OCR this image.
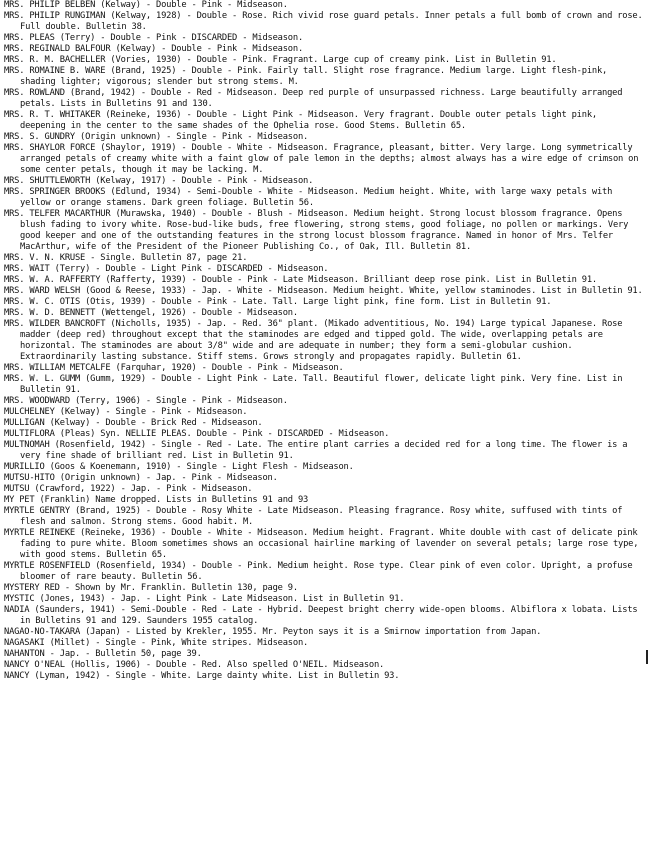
MRS. PHILIP BELBEN (Kelway) - Double - Pink - Midseason.
MRS. PHILIP RUNGIMAN (Kelway, 1928) - Double - Rose. Rich vivid rose guard petals. Inner petals a full bomb of crown and rose. Full double. Bulletin 38.
MRS. PLEAS (Terry) - Double - Pink - DISCARDED - Midseason.
MRS. REGINALD BALFOUR (Kelway) - Double - Pink - Midseason.
MRS. R. M. BACHELLER (Vories, 1930) - Double - Pink. Fragrant. Large cup of creamy pink. List in Bulletin 91.
MRS. ROMAINE B. WARE (Brand, 1925) - Double - Pink. Fairly tall. Slight rose fragrance. Medium large. Light flesh-pink, shading lighter; vigorous; slender but strong stems. M.
MRS. ROWLAND (Brand, 1942) - Double - Red - Midseason. Deep red purple of unsurpassed richness. Large beautifully arranged petals. Lists in Bulletins 91 and 130.
MRS. R. T. WHITAKER (Reineke, 1936) - Double - Light Pink - Midseason. Very fragrant. Double outer petals light pink, deepening in the center to the same shades of the Ophelia rose. Good Stems. Bulletin 65.
MRS. S. GUNDRY (Origin unknown) - Single - Pink - Midseason.
MRS. SHAYLOR FORCE (Shaylor, 1919) - Double - White - Midseason. Fragrance, pleasant, bitter. Very large. Long symmetrically arranged petals of creamy white with a faint glow of pale lemon in the depths; almost always has a wire edge of crimson on some center petals, though it may be lacking. M.
MRS. SHUTTLEWORTH (Kelway, 1917) - Double - Pink - Midseason.
MRS. SPRINGER BROOKS (Edlund, 1934) - Semi-Double - White - Midseason. Medium height. White, with large waxy petals with yellow or orange stamens. Dark green foliage. Bulletin 56.
MRS. TELFER MACARTHUR (Murawska, 1940) - Double - Blush - Midseason. Medium height. Strong locust blossom fragrance. Opens blush fading to ivory white. Rose-bud-like buds, free flowering, strong stems, good foliage, no pollen or markings. Very good keeper and one of the outstanding features in the strong locust blossom fragrance. Named in honor of Mrs. Telfer MacArthur, wife of the President of the Pioneer Publishing Co., of Oak, Ill. Bulletin 81.
MRS. V. N. KRUSE - Single. Bulletin 87, page 21.
MRS. WAIT (Terry) - Double - Light Pink - DISCARDED - Midseason.
MRS. W. A. RAFFERTY (Rafferty, 1939) - Double - Pink - Late Midseason. Brilliant deep rose pink. List in Bulletin 91.
MRS. WARD WELSH (Good & Reese, 1933) - Jap. - White - Midseason. Medium height. White, yellow staminodes. List in Bulletin 91.
MRS. W. C. OTIS (Otis, 1939) - Double - Pink - Late. Tall. Large light pink, fine form. List in Bulletin 91.
MRS. W. D. BENNETT (Wettengel, 1926) - Double - Midseason.
MRS. WILDER BANCROFT (Nicholls, 1935) - Jap. - Red. 36" plant. (Mikado adventitious, No. 194) Large typical Japanese. Rose madder (deep red) throughout except that the staminodes are edged and tipped gold. The wide, overlapping petals are horizontal. The staminodes are about 3/8" wide and are adequate in number; they form a semi-globular cushion. Extraordinarily lasting substance. Stiff stems. Grows strongly and propagates rapidly. Bulletin 61.
MRS. WILLIAM METCALFE (Farquhar, 1920) - Double - Pink - Midseason.
MRS. W. L. GUMM (Gumm, 1929) - Double - Light Pink - Late. Tall. Beautiful flower, delicate light pink. Very fine. List in Bulletin 91.
MRS. WOODWARD (Terry, 1906) - Single - Pink - Midseason.
MULCHELNEY (Kelway) - Single - Pink - Midseason.
MULLIGAN (Kelway) - Double - Brick Red - Midseason.
MULTIFLORA (Pleas) Syn. NELLIE PLEAS. Double - Pink - DISCARDED - Midseason.
MULTNOMAH (Rosenfield, 1942) - Single - Red - Late. The entire plant carries a decided red for a long time. The flower is a very fine shade of brilliant red. List in Bulletin 91.
MURILLIO (Goos & Koenemann, 1910) - Single - Light Flesh - Midseason.
MUTSU-HITO (Origin unknown) - Jap. - Pink - Midseason.
MUTSU (Crawford, 1922) - Jap. - Pink - Midseason.
MY PET (Franklin) Name dropped. Lists in Bulletins 91 and 93
MYRTLE GENTRY (Brand, 1925) - Double - Rosy White - Late Midseason. Pleasing fragrance. Rosy white, suffused with tints of flesh and salmon. Strong stems. Good habit. M.
MYRTLE REINEKE (Reineke, 1936) - Double - White - Midseason. Medium height. Fragrant. White double with cast of delicate pink fading to pure white. Bloom sometimes shows an occasional hairline marking of lavender on several petals; large rose type, with good stems. Bulletin 65.
MYRTLE ROSENFIELD (Rosenfield, 1934) - Double - Pink. Medium height. Rose type. Clear pink of even color. Upright, a profuse bloomer of rare beauty. Bulletin 56.
MYSTERY RED - Shown by Mr. Franklin. Bulletin 130, page 9.
MYSTIC (Jones, 1943) - Jap. - Light Pink - Late Midseason. List in Bulletin 91.
NADIA (Saunders, 1941) - Semi-Double - Red - Late - Hybrid. Deepest bright cherry wide-open blooms. Albiflora x lobata. Lists in Bulletins 91 and 129. Saunders 1955 catalog.
NAGAO-NO-TAKARA (Japan) - Listed by Krekler, 1955. Mr. Peyton says it is a Smirnow importation from Japan.
NAGASAKI (Millet) - Single - Pink, White stripes. Midseason.
NAHANTON - Jap. - Bulletin 50, page 39.
NANCY O'NEAL (Hollis, 1906) - Double - Red. Also spelled O'NEIL. Midseason.
NANCY (Lyman, 1942) - Single - White. Large dainty white. List in Bulletin 93.
